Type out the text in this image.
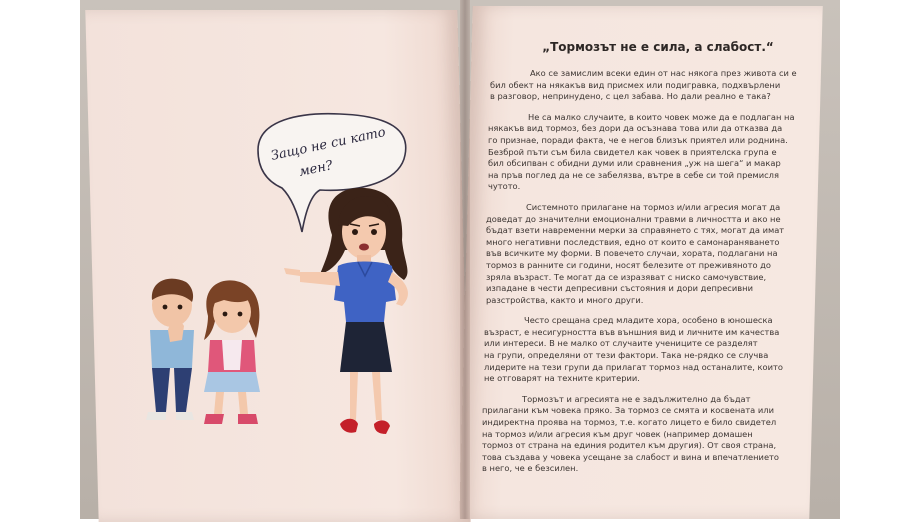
Защо не си като
мен?
„Тормозът не е сила, а слабост.“
Ако се замислим всеки един от нас някога през живота си е
бил обект на някакъв вид присмех или подигравка, подхвърлени
в разговор, непринудено, с цел забава. Но дали реално е така?
Не са малко случаите, в които човек може да е подлаган на
някакъв вид тормоз, без дори да осъзнава това или да отказва да
го признае, поради факта, че е негов близък приятел или роднина.
Безброй пъти съм била свидетел как човек в приятелска група е
бил обсипван с обидни думи или сравнения „уж на шега“ и макар
на пръв поглед да не се забелязва, вътре в себе си той премисля
чутото.
Системното прилагане на тормоз и/или агресия могат да
доведат до значителни емоционални травми в личността и ако не
бъдат взети навременни мерки за справянето с тях, могат да имат
много негативни последствия, едно от които е самонараняването
във всичките му форми. В повечето случаи, хората, подлагани на
тормоз в ранните си години, носят белезите от преживяното до
зряла възраст. Те могат да се изразяват с ниско самочувствие,
изпадане в чести депресивни състояния и дори депресивни
разстройства, както и много други.
Често срещана сред младите хора, особено в юношеска
възраст, е несигурността във външния вид и личните им качества
или интереси. В не малко от случаите учениците се разделят
на групи, определяни от тези фактори. Така не-рядко се случва
лидерите на тези групи да прилагат тормоз над останалите, които
не отговарят на техните критерии.
Тормозът и агресията не е задължително да бъдат
прилагани към човека пряко. За тормоз се смята и косвената или
индиректна проява на тормоз, т.е. когато лицето е било свидетел
на тормоз и/или агресия към друг човек (например домашен
тормоз от страна на единия родител към другия). От своя страна,
това създава у човека усещане за слабост и вина и впечатлението
в него, че е безсилен.
